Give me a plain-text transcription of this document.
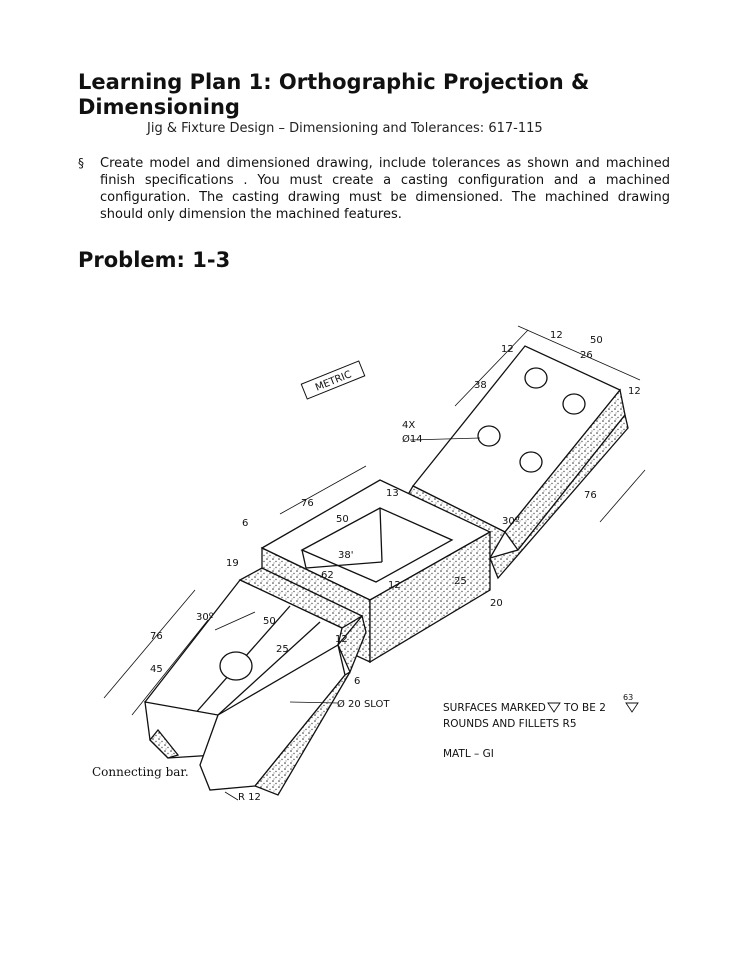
Learning Plan 1: Orthographic Projection & Dimensioning

Jig & Fixture Design – Dimensioning and Tolerances: 617-115

§ Create model and dimensioned drawing, include tolerances as shown and machined finish specifications . You must create a casting configuration and a machined configuration. The casting drawing must be dimensioned. The machined drawing should only dimension the machined features.

Problem: 1-3
METRIC
12	50
12
26
12
38
76
30º
13
76
50
6
38'
19
62
12	25
20
30º	50
76
25
12
45
6
4X
Ø14
Ø 20 SLOT
R 12
SURFACES MARKED TO BE 2
63
ROUNDS AND FILLETS R5
MATL – GI
Connecting bar.
